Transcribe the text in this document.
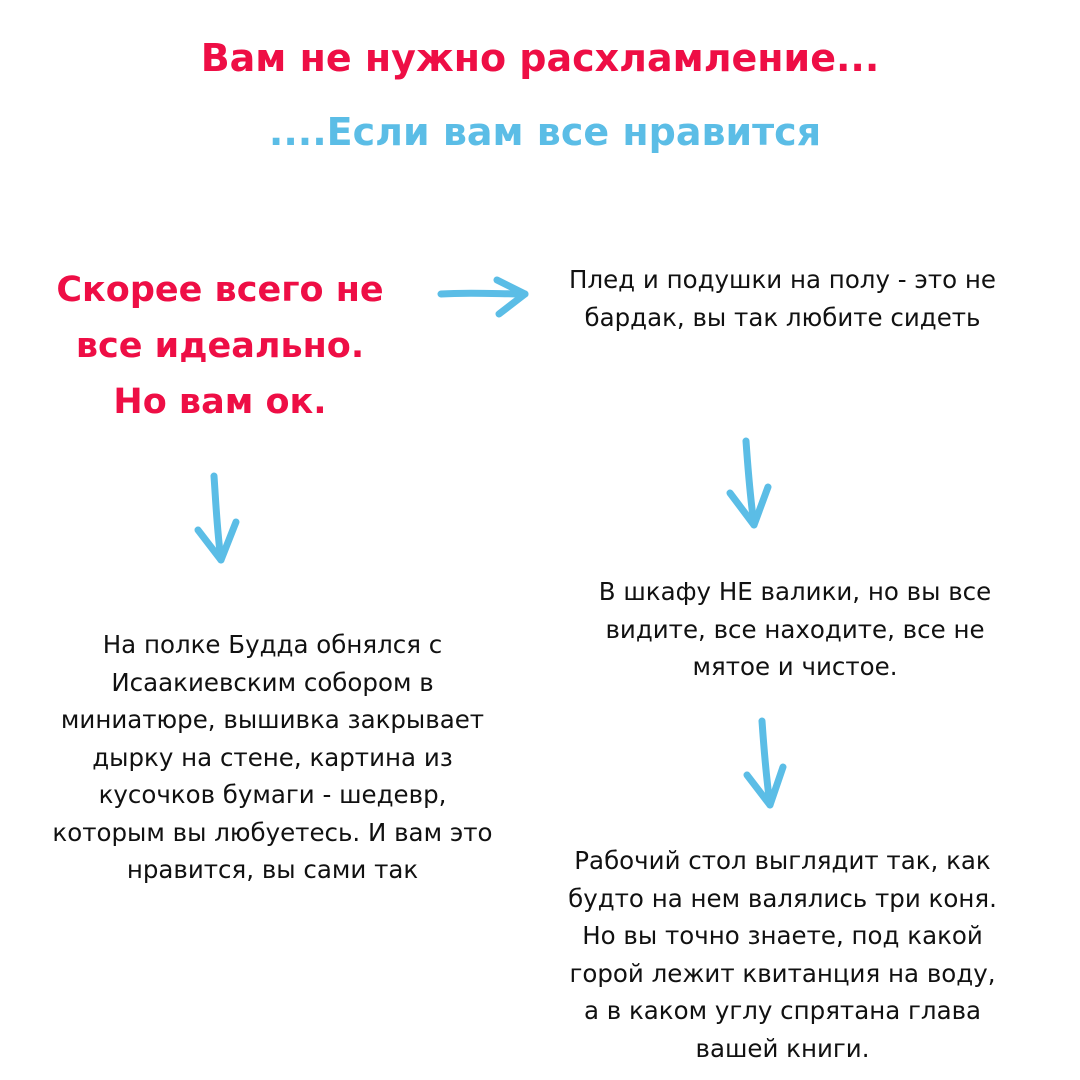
Вам не нужно расхламление...
....Если вам все нравится
Скорее всего не
все идеально.
Но вам ок.
Плед и подушки на полу - это не
бардак, вы так любите сидеть
На полке Будда обнялся с
Исаакиевским собором в
миниатюре, вышивка закрывает
дырку на стене, картина из
кусочков бумаги - шедевр,
которым вы любуетесь. И вам это
нравится, вы сами так
В шкафу НЕ валики, но вы все
видите, все находите, все не
мятое и чистое.
Рабочий стол выглядит так, как
будто на нем валялись три коня.
Но вы точно знаете, под какой
горой лежит квитанция на воду,
а в каком углу спрятана глава
вашей книги.
